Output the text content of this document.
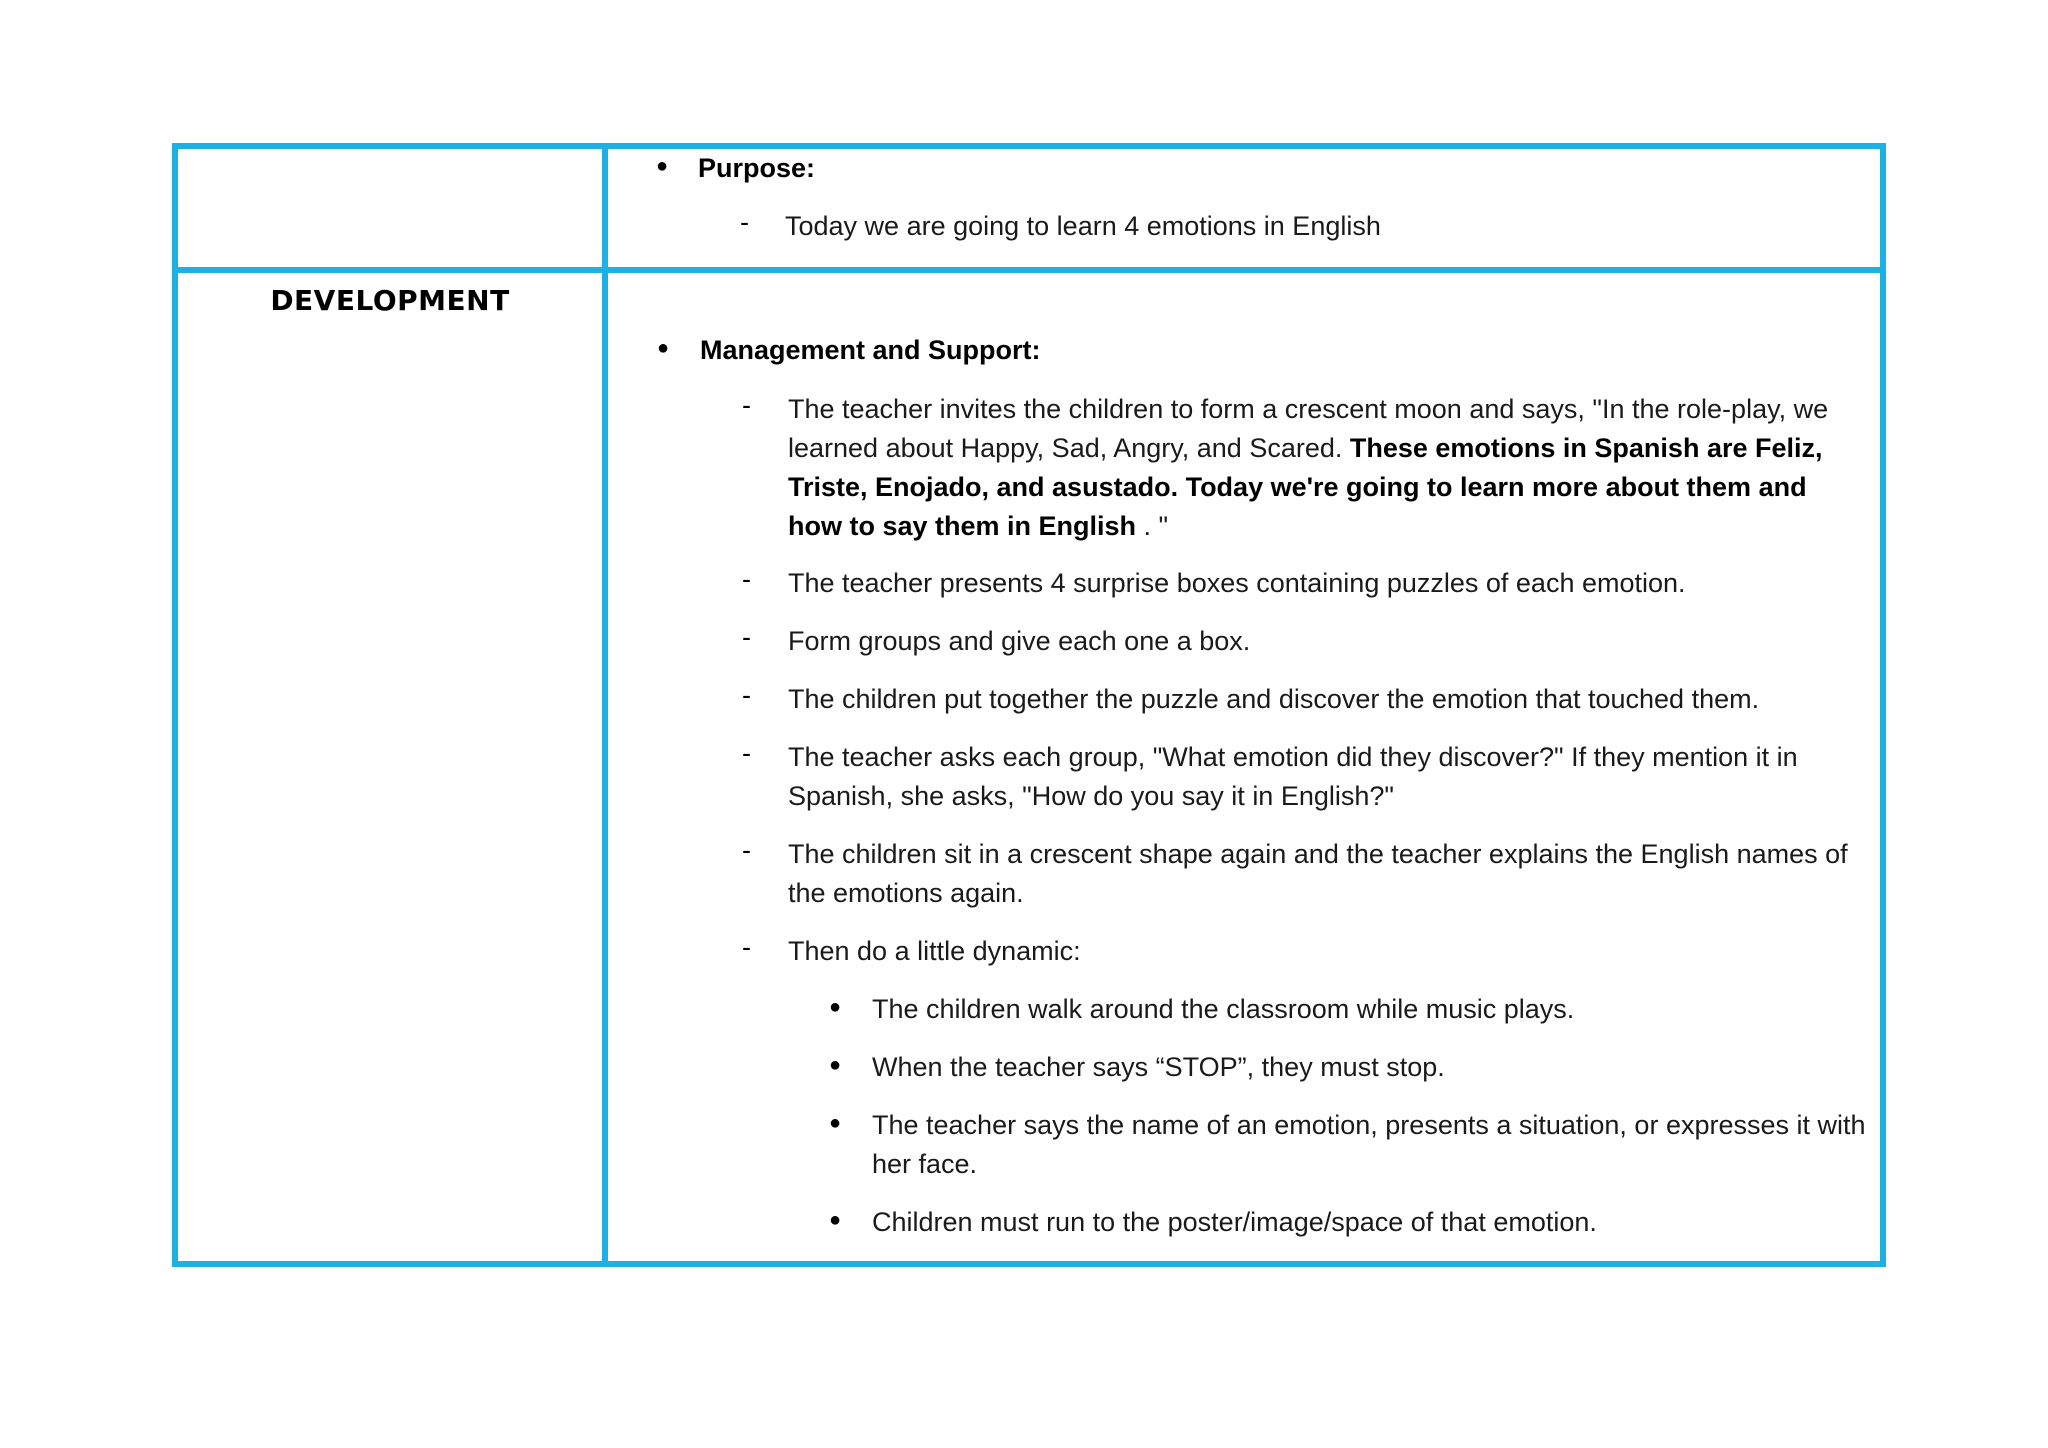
DEVELOPMENT
● Purpose:
- Today we are going to learn 4 emotions in English
● Management and Support:
- The teacher invites the children to form a crescent moon and says, "In the role-play, we learned about Happy, Sad, Angry, and Scared. These emotions in Spanish are Feliz, Triste, Enojado, and asustado. Today we're going to learn more about them and how to say them in English . "
- The teacher presents 4 surprise boxes containing puzzles of each emotion.
- Form groups and give each one a box.
- The children put together the puzzle and discover the emotion that touched them.
- The teacher asks each group, "What emotion did they discover?" If they mention it in Spanish, she asks, "How do you say it in English?"
- The children sit in a crescent shape again and the teacher explains the English names of the emotions again.
- Then do a little dynamic:
● The children walk around the classroom while music plays.
● When the teacher says “STOP”, they must stop.
● The teacher says the name of an emotion, presents a situation, or expresses it with her face.
● Children must run to the poster/image/space of that emotion.
